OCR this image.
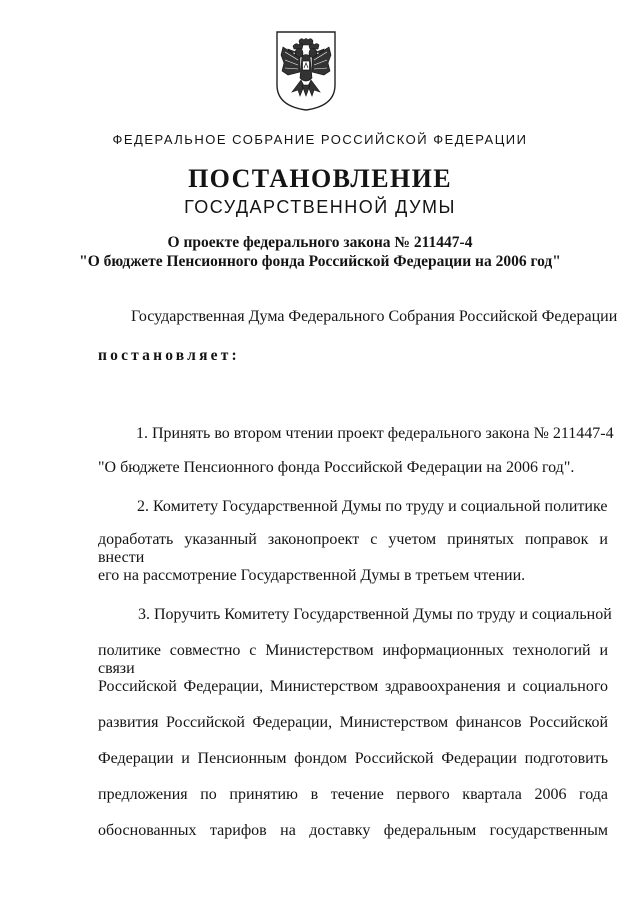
ФЕДЕРАЛЬНОЕ СОБРАНИЕ РОССИЙСКОЙ ФЕДЕРАЦИИ

ПОСТАНОВЛЕНИЕ

ГОСУДАРСТВЕННОЙ ДУМЫ

О проекте федерального закона № 211447-4

"О бюджете Пенсионного фонда Российской Федерации на 2006 год"

Государственная Дума Федерального Собрания Российской Федерации

постановляет:

1. Принять во втором чтении проект федерального закона № 211447-4

"О бюджете Пенсионного фонда Российской Федерации на 2006 год".

2. Комитету Государственной Думы по труду и социальной политике

доработать указанный законопроект с учетом принятых поправок и внести

его на рассмотрение Государственной Думы в третьем чтении.

3. Поручить Комитету Государственной Думы по труду и социальной

политике совместно с Министерством информационных технологий и связи

Российской Федерации, Министерством здравоохранения и социального

развития Российской Федерации, Министерством финансов Российской

Федерации и Пенсионным фондом Российской Федерации подготовить

предложения по принятию в течение первого квартала 2006 года

обоснованных тарифов на доставку федеральным государственным
